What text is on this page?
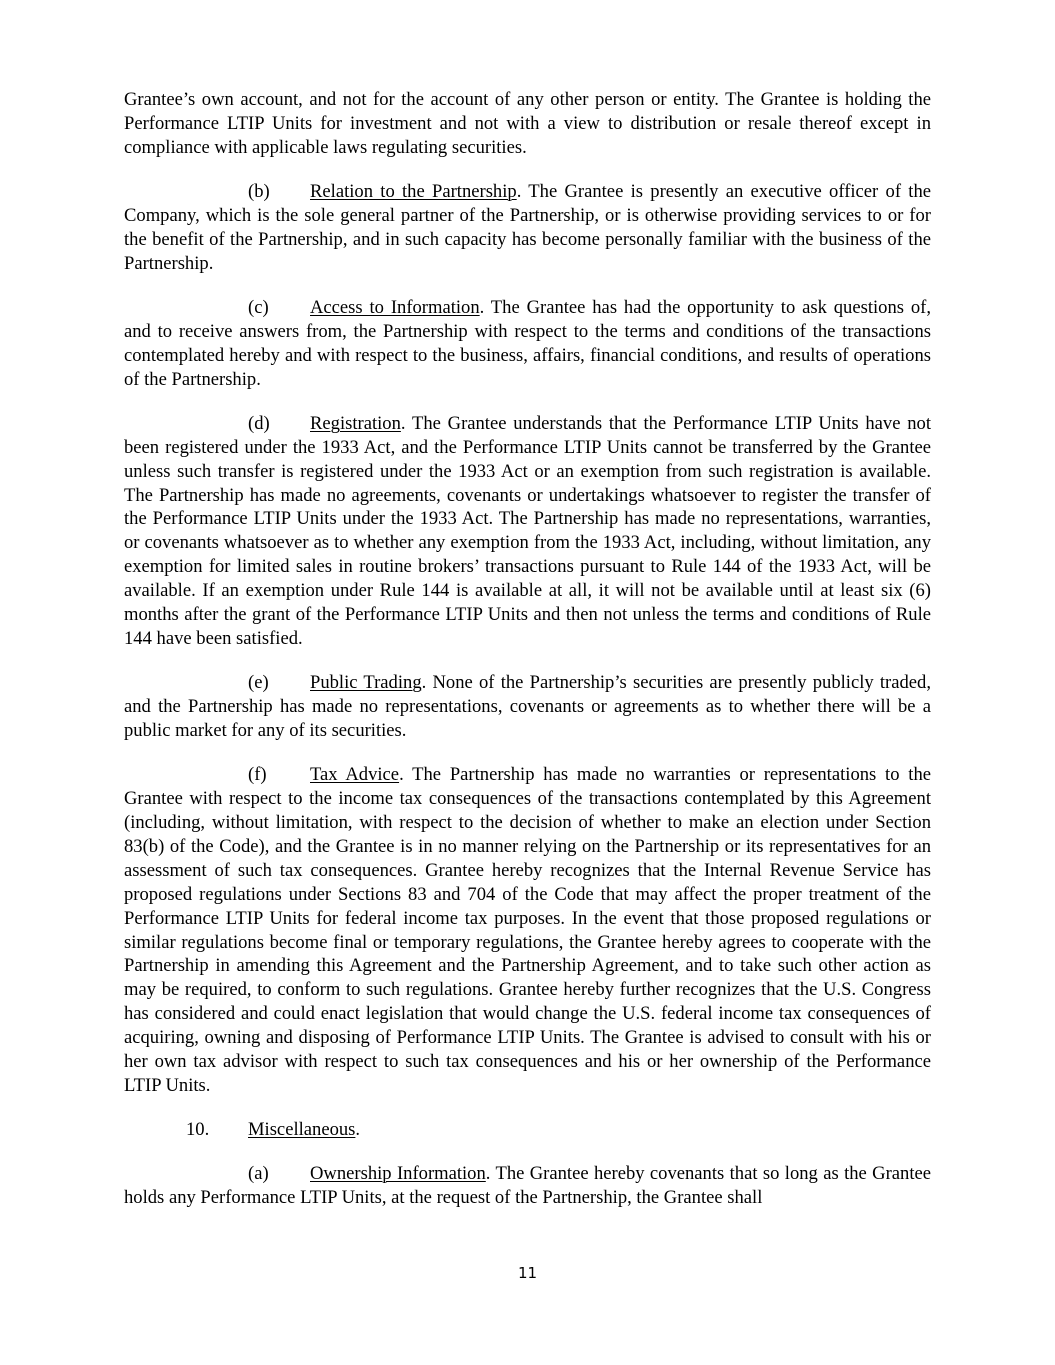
Grantee’s own account, and not for the account of any other person or entity. The Grantee is holding the Performance LTIP Units for investment and not with a view to distribution or resale thereof except in compliance with applicable laws regulating securities.

(b) Relation to the Partnership. The Grantee is presently an executive officer of the Company, which is the sole general partner of the Partnership, or is otherwise providing services to or for the benefit of the Partnership, and in such capacity has become personally familiar with the business of the Partnership.

(c) Access to Information. The Grantee has had the opportunity to ask questions of, and to receive answers from, the Partnership with respect to the terms and conditions of the transactions contemplated hereby and with respect to the business, affairs, financial conditions, and results of operations of the Partnership.

(d) Registration. The Grantee understands that the Performance LTIP Units have not been registered under the 1933 Act, and the Performance LTIP Units cannot be transferred by the Grantee unless such transfer is registered under the 1933 Act or an exemption from such registration is available. The Partnership has made no agreements, covenants or undertakings whatsoever to register the transfer of the Performance LTIP Units under the 1933 Act. The Partnership has made no representations, warranties, or covenants whatsoever as to whether any exemption from the 1933 Act, including, without limitation, any exemption for limited sales in routine brokers’ transactions pursuant to Rule 144 of the 1933 Act, will be available. If an exemption under Rule 144 is available at all, it will not be available until at least six (6) months after the grant of the Performance LTIP Units and then not unless the terms and conditions of Rule 144 have been satisfied.

(e) Public Trading. None of the Partnership’s securities are presently publicly traded, and the Partnership has made no representations, covenants or agreements as to whether there will be a public market for any of its securities.

(f) Tax Advice. The Partnership has made no warranties or representations to the Grantee with respect to the income tax consequences of the transactions contemplated by this Agreement (including, without limitation, with respect to the decision of whether to make an election under Section 83(b) of the Code), and the Grantee is in no manner relying on the Partnership or its representatives for an assessment of such tax consequences. Grantee hereby recognizes that the Internal Revenue Service has proposed regulations under Sections 83 and 704 of the Code that may affect the proper treatment of the Performance LTIP Units for federal income tax purposes. In the event that those proposed regulations or similar regulations become final or temporary regulations, the Grantee hereby agrees to cooperate with the Partnership in amending this Agreement and the Partnership Agreement, and to take such other action as may be required, to conform to such regulations. Grantee hereby further recognizes that the U.S. Congress has considered and could enact legislation that would change the U.S. federal income tax consequences of acquiring, owning and disposing of Performance LTIP Units. The Grantee is advised to consult with his or her own tax advisor with respect to such tax consequences and his or her ownership of the Performance LTIP Units.

10. Miscellaneous.

(a) Ownership Information. The Grantee hereby covenants that so long as the Grantee holds any Performance LTIP Units, at the request of the Partnership, the Grantee shall

11
